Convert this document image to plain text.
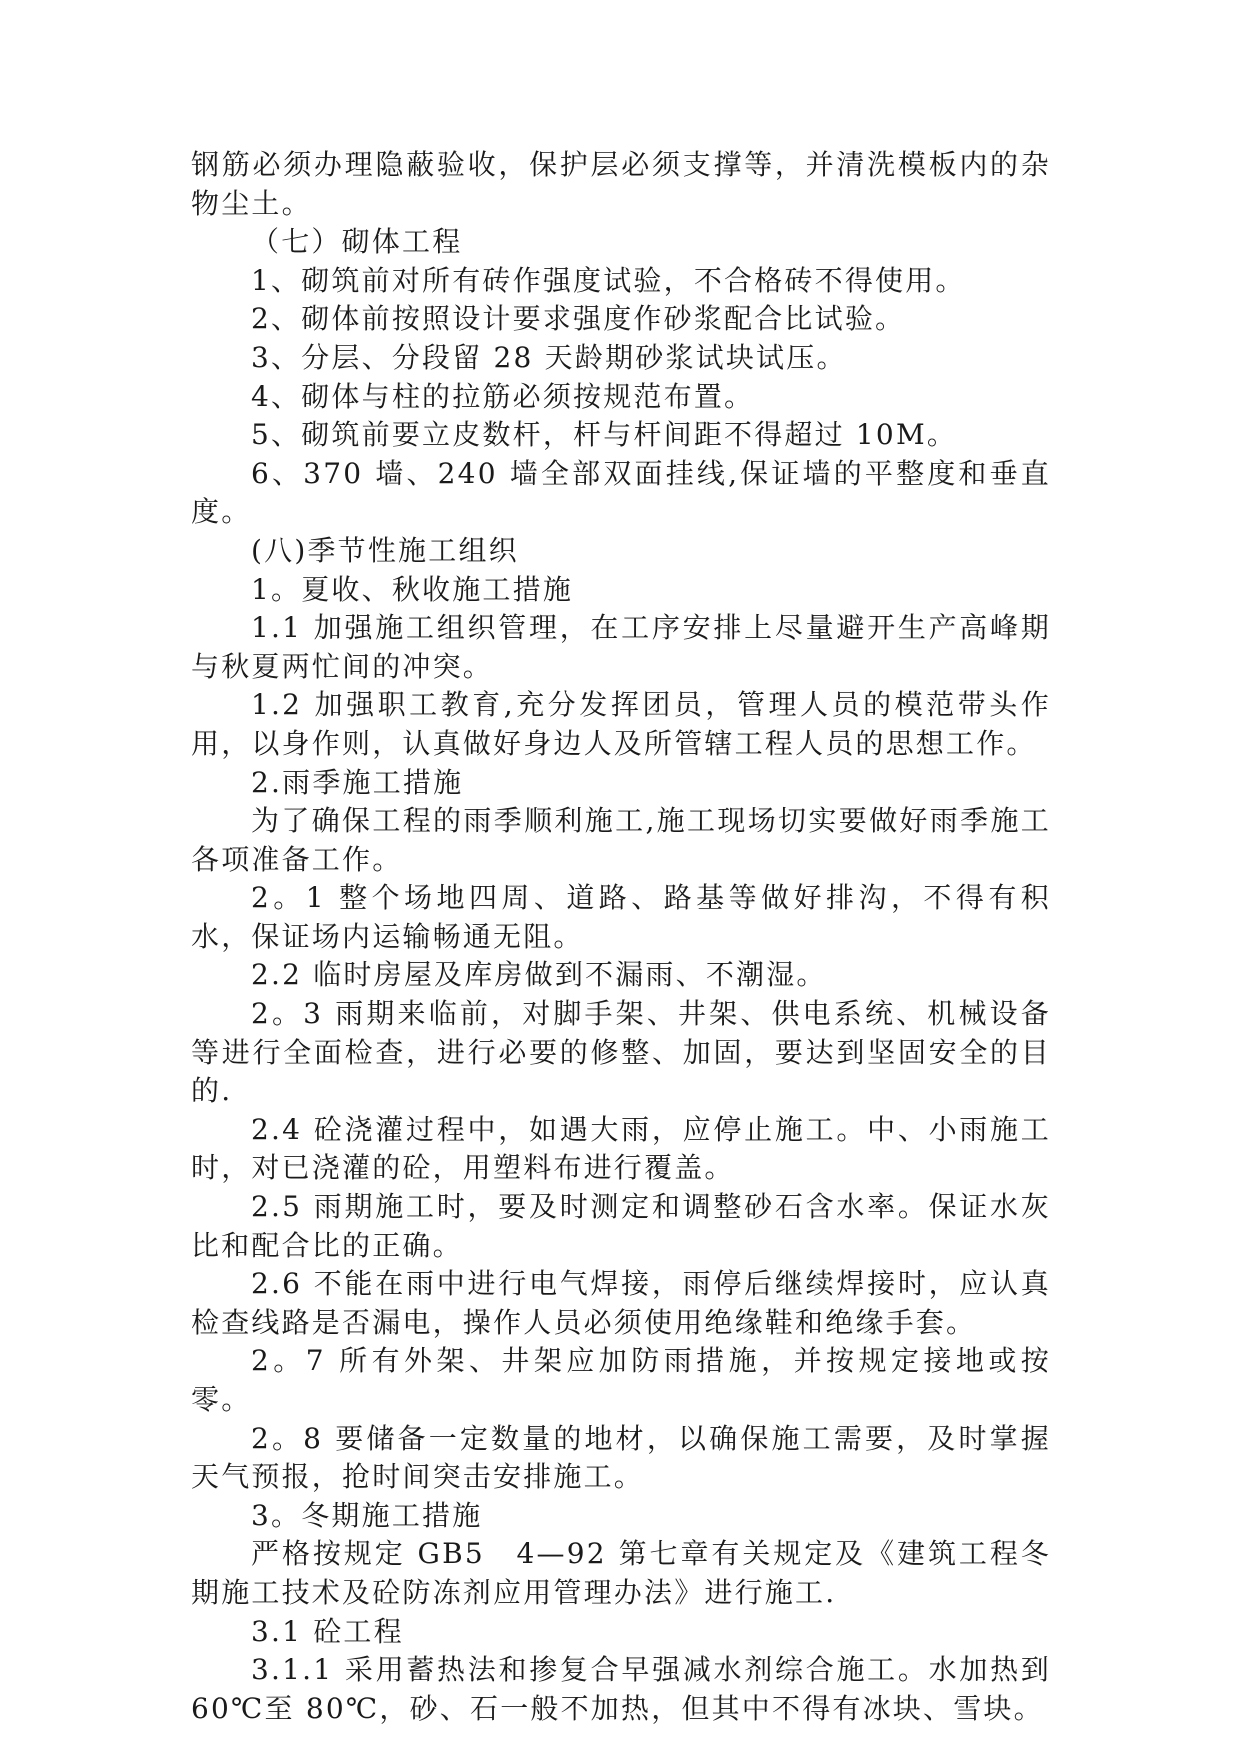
钢筋必须办理隐蔽验收，保护层必须支撑等，并清洗模板内的杂物尘土。

（七）砌体工程

1、砌筑前对所有砖作强度试验，不合格砖不得使用。

2、砌体前按照设计要求强度作砂浆配合比试验。

3、分层、分段留 28 天龄期砂浆试块试压。

4、砌体与柱的拉筋必须按规范布置。

5、砌筑前要立皮数杆，杆与杆间距不得超过 10M。

6、370 墙、240 墙全部双面挂线,保证墙的平整度和垂直度。

(八)季节性施工组织

1。夏收、秋收施工措施

1.1 加强施工组织管理，在工序安排上尽量避开生产高峰期与秋夏两忙间的冲突。

1.2 加强职工教育,充分发挥团员，管理人员的模范带头作用，以身作则，认真做好身边人及所管辖工程人员的思想工作。

2.雨季施工措施

为了确保工程的雨季顺利施工,施工现场切实要做好雨季施工各项准备工作。

2。1 整个场地四周、道路、路基等做好排沟，不得有积水，保证场内运输畅通无阻。

2.2 临时房屋及库房做到不漏雨、不潮湿。

2。3 雨期来临前，对脚手架、井架、供电系统、机械设备等进行全面检查，进行必要的修整、加固，要达到坚固安全的目的.

2.4 砼浇灌过程中，如遇大雨，应停止施工。中、小雨施工时，对已浇灌的砼，用塑料布进行覆盖。

2.5 雨期施工时，要及时测定和调整砂石含水率。保证水灰比和配合比的正确。

2.6 不能在雨中进行电气焊接，雨停后继续焊接时，应认真检查线路是否漏电，操作人员必须使用绝缘鞋和绝缘手套。

2。7 所有外架、井架应加防雨措施，并按规定接地或按零。

2。8 要储备一定数量的地材，以确保施工需要，及时掌握天气预报，抢时间突击安排施工。

3。冬期施工措施

严格按规定 GB5　4—92 第七章有关规定及《建筑工程冬期施工技术及砼防冻剂应用管理办法》进行施工.

3.1 砼工程

3.1.1 采用蓄热法和掺复合早强减水剂综合施工。水加热到 60℃至 80℃，砂、石一般不加热，但其中不得有冰块、雪块。
